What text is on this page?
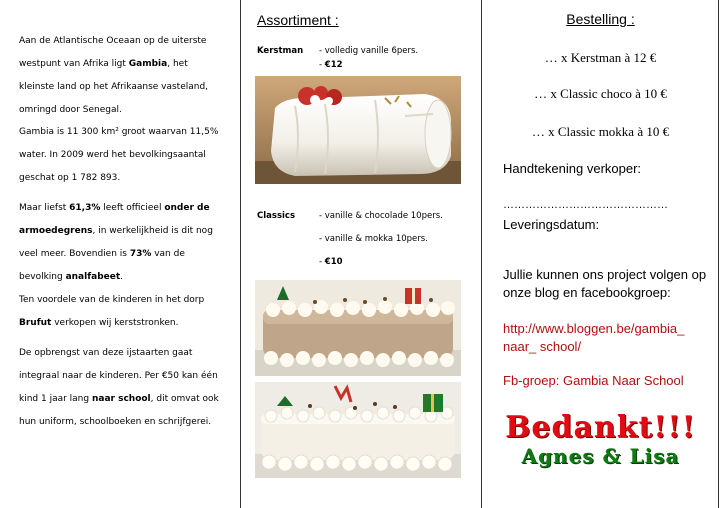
Aan de Atlantische Oceaan op de uiterste westpunt van Afrika ligt Gambia, het kleinste land op het Afrikaanse vasteland, omringd door Senegal.
Gambia is 11 300 km² groot waarvan 11,5% water. In 2009 werd het bevolkingsaantal geschat op 1 782 893.
Maar liefst 61,3% leeft officieel onder de armoedegrens, in werkelijkheid is dit nog veel meer. Bovendien is 73% van de bevolking analfabeet.
Ten voordele van de kinderen in het dorp Brufut verkopen wij kerststronken.
De opbrengst van deze ijstaarten gaat integraal naar de kinderen. Per €50 kan één kind 1 jaar lang naar school, dit omvat ook hun uniform, schoolboeken en schrijfgerei.
Assortiment :
Kerstman - volledig vanille 6pers.
- €12
Classics	- vanille & chocolade 10pers.
- vanille & mokka 10pers.
- €10
Bestelling :
… x Kerstman à 12 €
… x Classic choco à 10 €
… x Classic mokka à 10 €
Handtekening verkoper:
………………………………………
Leveringsdatum:
Jullie kunnen ons project volgen op onze blog en facebookgroep:
http://www.bloggen.be/gambia_ naar_ school/
Fb-groep: Gambia Naar School
Bedankt!!!
Agnes & Lisa
